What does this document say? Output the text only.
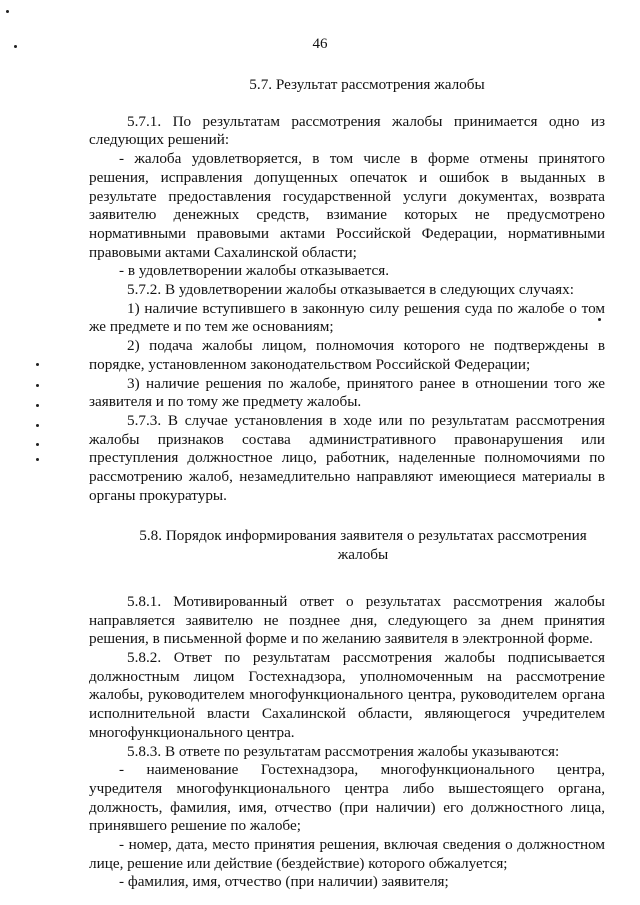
46
5.7. Результат рассмотрения жалобы

5.7.1. По результатам рассмотрения жалобы принимается одно из следующих решений:

- жалоба удовлетворяется, в том числе в форме отмены принятого решения, исправления допущенных опечаток и ошибок в выданных в результате предоставления государственной услуги документах, возврата заявителю денежных средств, взимание которых не предусмотрено нормативными правовыми актами Российской Федерации, нормативными правовыми актами Сахалинской области;

- в удовлетворении жалобы отказывается.

5.7.2. В удовлетворении жалобы отказывается в следующих случаях:

1) наличие вступившего в законную силу решения суда по жалобе о том же предмете и по тем же основаниям;

2) подача жалобы лицом, полномочия которого не подтверждены в порядке, установленном законодательством Российской Федерации;

3) наличие решения по жалобе, принятого ранее в отношении того же заявителя и по тому же предмету жалобы.

5.7.3. В случае установления в ходе или по результатам рассмотрения жалобы признаков состава административного правонарушения или преступления должностное лицо, работник, наделенные полномочиями по рассмотрению жалоб, незамедлительно направляют имеющиеся материалы в органы прокуратуры.

5.8. Порядок информирования заявителя о результатах рассмотрения жалобы

5.8.1. Мотивированный ответ о результатах рассмотрения жалобы направляется заявителю не позднее дня, следующего за днем принятия решения, в письменной форме и по желанию заявителя в электронной форме.

5.8.2. Ответ по результатам рассмотрения жалобы подписывается должностным лицом Гостехнадзора, уполномоченным на рассмотрение жалобы, руководителем многофункционального центра, руководителем органа исполнительной власти Сахалинской области, являющегося учредителем многофункционального центра.

5.8.3. В ответе по результатам рассмотрения жалобы указываются:

- наименование Гостехнадзора, многофункционального центра, учредителя многофункционального центра либо вышестоящего органа, должность, фамилия, имя, отчество (при наличии) его должностного лица, принявшего решение по жалобе;

- номер, дата, место принятия решения, включая сведения о должностном лице, решение или действие (бездействие) которого обжалуется;

- фамилия, имя, отчество (при наличии) заявителя;
